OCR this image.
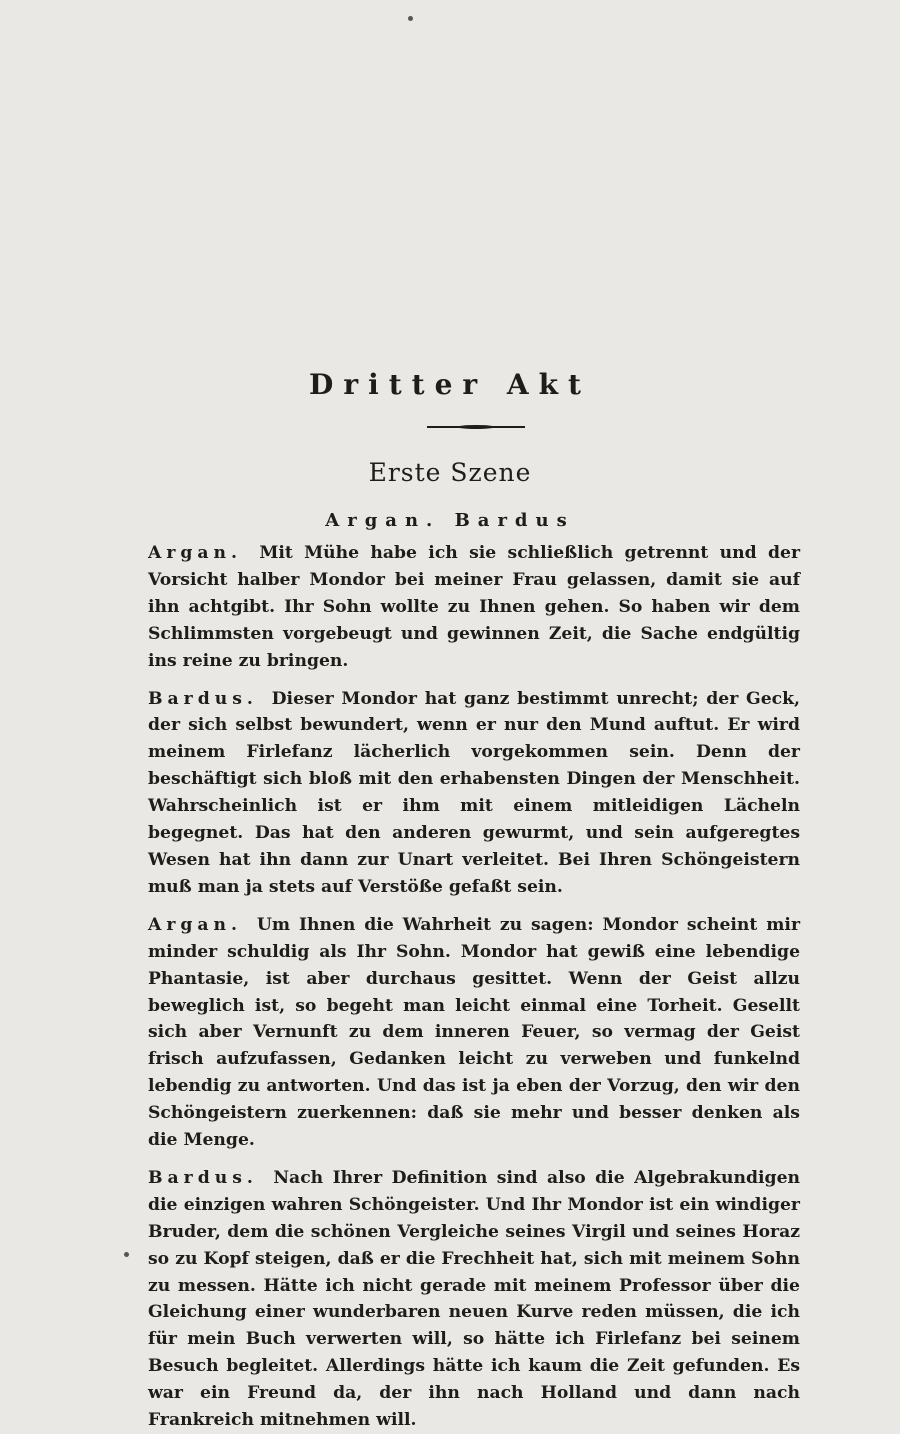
Dritter Akt
Erste Szene
Argan. Bardus

Argan. Mit Mühe habe ich sie schließlich getrennt und der Vorsicht halber Mondor bei meiner Frau gelassen, damit sie auf ihn achtgibt. Ihr Sohn wollte zu Ihnen gehen. So haben wir dem Schlimmsten vorgebeugt und gewinnen Zeit, die Sache endgültig ins reine zu bringen.

Bardus. Dieser Mondor hat ganz bestimmt unrecht; der Geck, der sich selbst bewundert, wenn er nur den Mund auftut. Er wird meinem Firlefanz lächerlich vorgekommen sein. Denn der beschäftigt sich bloß mit den erhabensten Dingen der Menschheit. Wahrscheinlich ist er ihm mit einem mitleidigen Lächeln begegnet. Das hat den anderen gewurmt, und sein aufgeregtes Wesen hat ihn dann zur Unart verleitet. Bei Ihren Schöngeistern muß man ja stets auf Verstöße gefaßt sein.

Argan. Um Ihnen die Wahrheit zu sagen: Mondor scheint mir minder schuldig als Ihr Sohn. Mondor hat gewiß eine lebendige Phantasie, ist aber durchaus gesittet. Wenn der Geist allzu beweglich ist, so begeht man leicht einmal eine Torheit. Gesellt sich aber Vernunft zu dem inneren Feuer, so vermag der Geist frisch aufzufassen, Gedanken leicht zu verweben und funkelnd lebendig zu antworten. Und das ist ja eben der Vorzug, den wir den Schöngeistern zuerkennen: daß sie mehr und besser denken als die Menge.

Bardus. Nach Ihrer Definition sind also die Algebrakundigen die einzigen wahren Schöngeister. Und Ihr Mondor ist ein windiger Bruder, dem die schönen Vergleiche seines Virgil und seines Horaz so zu Kopf steigen, daß er die Frechheit hat, sich mit meinem Sohn zu messen. Hätte ich nicht gerade mit meinem Professor über die Gleichung einer wunderbaren neuen Kurve reden müssen, die ich für mein Buch verwerten will, so hätte ich Firlefanz bei seinem Besuch begleitet. Allerdings hätte ich kaum die Zeit gefunden. Es war ein Freund da, der ihn nach Holland und dann nach Frankreich mitnehmen will.
